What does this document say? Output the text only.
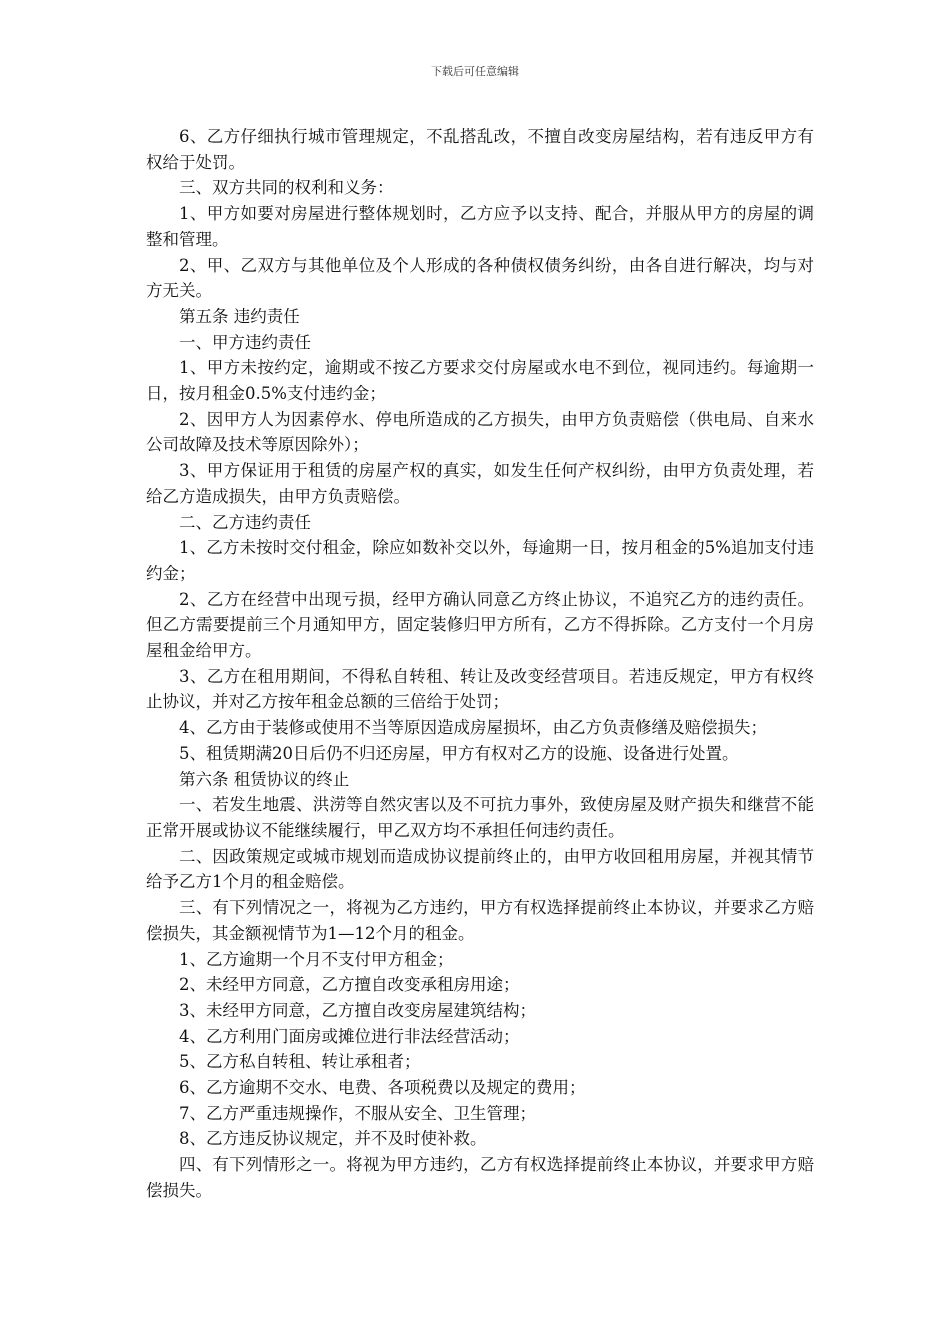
下载后可任意编辑

6、乙方仔细执行城市管理规定，不乱搭乱改，不擅自改变房屋结构，若有违反甲方有权给于处罚。

三、双方共同的权利和义务：

1、甲方如要对房屋进行整体规划时，乙方应予以支持、配合，并服从甲方的房屋的调整和管理。

2、甲、乙双方与其他单位及个人形成的各种债权债务纠纷，由各自进行解决，均与对方无关。

第五条 违约责任

一、甲方违约责任

1、甲方未按约定，逾期或不按乙方要求交付房屋或水电不到位，视同违约。每逾期一日，按月租金0.5%支付违约金；

2、因甲方人为因素停水、停电所造成的乙方损失，由甲方负责赔偿（供电局、自来水公司故障及技术等原因除外）；

3、甲方保证用于租赁的房屋产权的真实，如发生任何产权纠纷，由甲方负责处理，若给乙方造成损失，由甲方负责赔偿。

二、乙方违约责任

1、乙方未按时交付租金，除应如数补交以外，每逾期一日，按月租金的5%追加支付违约金；

2、乙方在经营中出现亏损，经甲方确认同意乙方终止协议，不追究乙方的违约责任。但乙方需要提前三个月通知甲方，固定装修归甲方所有，乙方不得拆除。乙方支付一个月房屋租金给甲方。

3、乙方在租用期间，不得私自转租、转让及改变经营项目。若违反规定，甲方有权终止协议，并对乙方按年租金总额的三倍给于处罚；

4、乙方由于装修或使用不当等原因造成房屋损坏，由乙方负责修缮及赔偿损失；

5、租赁期满20日后仍不归还房屋，甲方有权对乙方的设施、设备进行处置。

第六条 租赁协议的终止

一、若发生地震、洪涝等自然灾害以及不可抗力事外，致使房屋及财产损失和继营不能正常开展或协议不能继续履行，甲乙双方均不承担任何违约责任。

二、因政策规定或城市规划而造成协议提前终止的，由甲方收回租用房屋，并视其情节给予乙方1个月的租金赔偿。

三、有下列情况之一，将视为乙方违约，甲方有权选择提前终止本协议，并要求乙方赔偿损失，其金额视情节为1—12个月的租金。

1、乙方逾期一个月不支付甲方租金；

2、未经甲方同意，乙方擅自改变承租房用途；

3、未经甲方同意，乙方擅自改变房屋建筑结构；

4、乙方利用门面房或摊位进行非法经营活动；

5、乙方私自转租、转让承租者；

6、乙方逾期不交水、电费、各项税费以及规定的费用；

7、乙方严重违规操作，不服从安全、卫生管理；

8、乙方违反协议规定，并不及时使补救。

四、有下列情形之一。将视为甲方违约，乙方有权选择提前终止本协议，并要求甲方赔偿损失。
